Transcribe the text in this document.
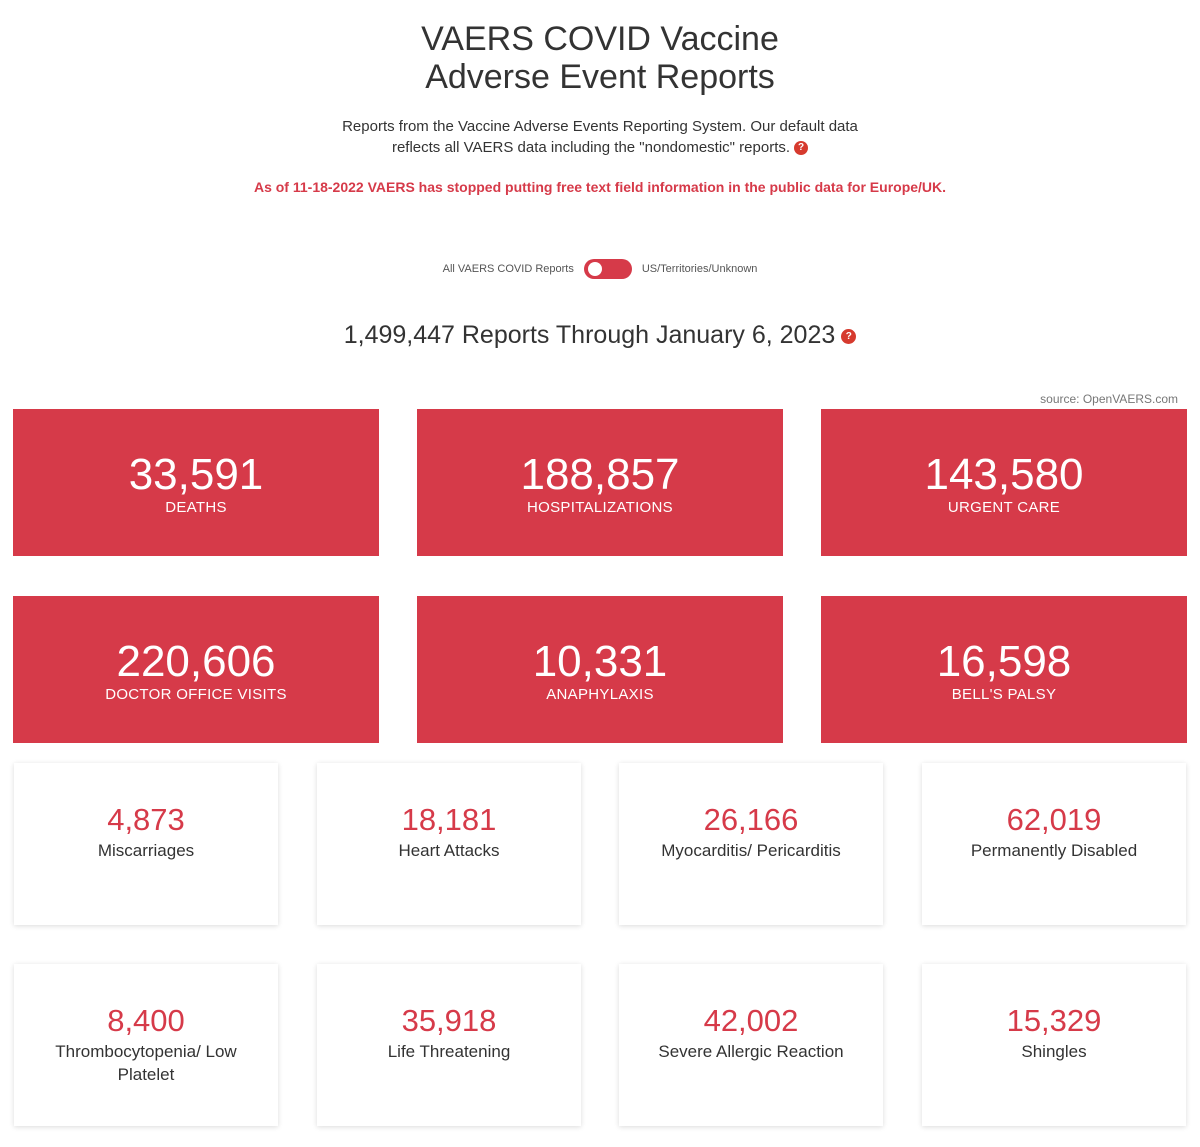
VAERS COVID Vaccine
Adverse Event Reports
Reports from the Vaccine Adverse Events Reporting System. Our default data
reflects all VAERS data including the "nondomestic" reports. ?
As of 11-18-2022 VAERS has stopped putting free text field information in the public data for Europe/UK.
All VAERS COVID Reports	US/Territories/Unknown
1,499,447 Reports Through January 6, 2023 ?
source: OpenVAERS.com
33,591
DEATHS
188,857
HOSPITALIZATIONS
143,580
URGENT CARE
220,606
DOCTOR OFFICE VISITS
10,331
ANAPHYLAXIS
16,598
BELL'S PALSY
4,873
Miscarriages
18,181
Heart Attacks
26,166
Myocarditis/ Pericarditis
62,019
Permanently Disabled
8,400
Thrombocytopenia/ Low Platelet
35,918
Life Threatening
42,002
Severe Allergic Reaction
15,329
Shingles
